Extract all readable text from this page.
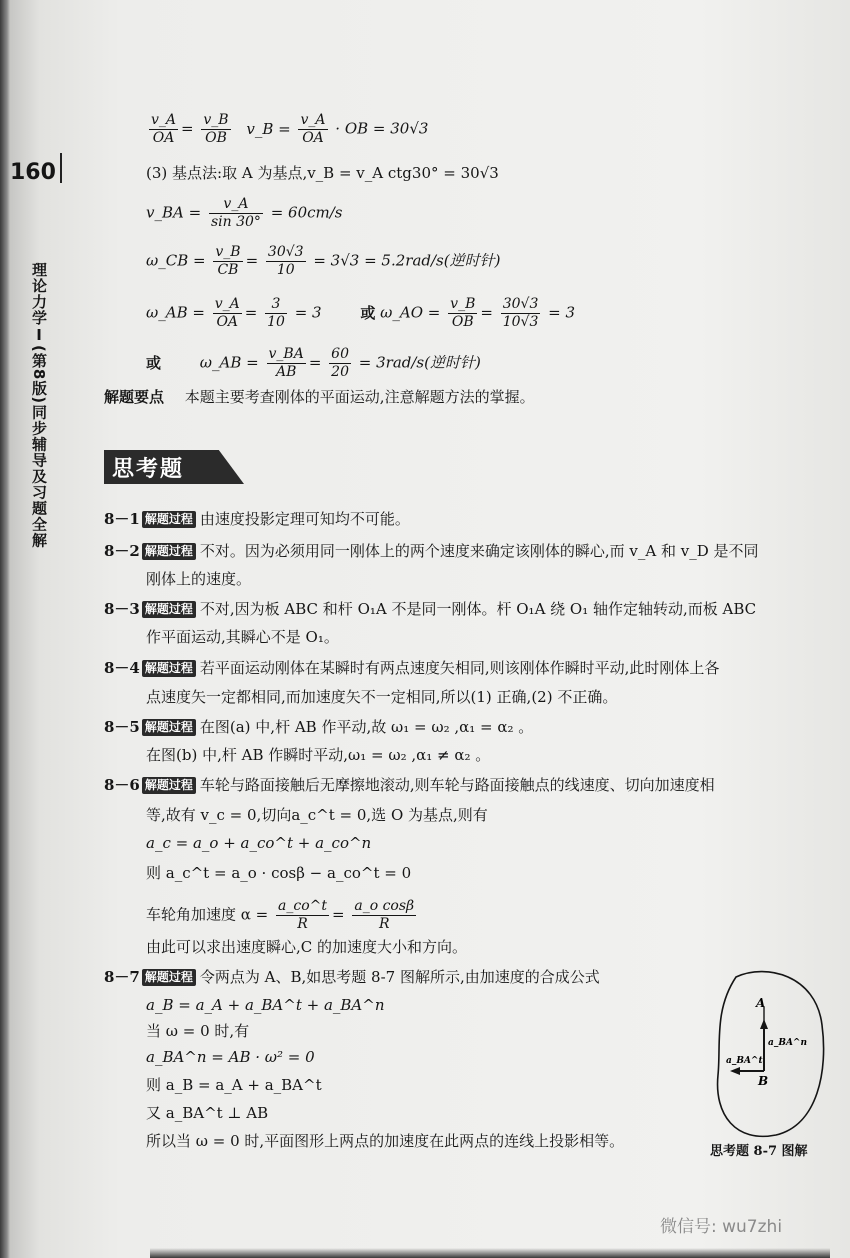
160
理论力学Ⅰ(第8版)同步辅导及习题全解
$\frac{v\_A}{OA} = \frac{v\_B}{OB}$ v_B = $\frac{v\_A}{OA}$ · OB = 30√3
(3) 基点法:取 A 为基点,v_B = v_A ctg30° = 30√3
v_BA = $\frac{v\_A}{\sin 30^\circ} = 60cm/s$
ω_CB = $\frac{v\_B}{CB} = \frac{30√3}{10} = 3√3 = 5.2rad/s$(逆时针)
ω_AB = $\frac{v\_A}{OA} = \frac{3}{10} = 3$	或 ω_AO = $\frac{v\_B}{OB} = \frac{30√3}{10√3} = 3$
或	ω_AB = $\frac{v\_BA}{AB} = \frac{60}{20} = 3rad/s$(逆时针)
解题要点 本题主要考查刚体的平面运动,注意解题方法的掌握。
思考题
8－1 解题过程 由速度投影定理可知均不可能。
8－2 解题过程 不对。因为必须用同一刚体上的两个速度来确定该刚体的瞬心,而 v_A 和 v_D 是不同
刚体上的速度。
8－3 解题过程 不对,因为板 ABC 和杆 O₁A 不是同一刚体。杆 O₁A 绕 O₁ 轴作定轴转动,而板 ABC
作平面运动,其瞬心不是 O₁。
8－4 解题过程 若平面运动刚体在某瞬时有两点速度矢相同,则该刚体作瞬时平动,此时刚体上各
点速度矢一定都相同,而加速度矢不一定相同,所以(1) 正确,(2) 不正确。
8－5 解题过程 在图(a) 中,杆 AB 作平动,故 ω₁ = ω₂ ,α₁ = α₂ 。
在图(b) 中,杆 AB 作瞬时平动,ω₁ = ω₂ ,α₁ ≠ α₂ 。
8－6 解题过程 车轮与路面接触后无摩擦地滚动,则车轮与路面接触点的线速度、切向加速度相
等,故有 v_c = 0,切向a_c^t = 0,选 O 为基点,则有
a_c = a_o + a_co^t + a_co^n
则 a_c^t = a_o · cosβ − a_co^t = 0
车轮角加速度 $\alpha = \frac{a\_co\^{}t}{R} = \frac{\text{a\_o cosβ}}{R}$
由此可以求出速度瞬心,C 的加速度大小和方向。
8－7 解题过程 令两点为 A、B,如思考题 8-7 图解所示,由加速度的合成公式
a_B = a_A + a_BA^t + a_BA^n
当 ω = 0 时,有
a_BA^n = AB · ω² = 0
则 a_B = a_A + a_BA^t
又 a_BA^t ⊥ AB
所以当 ω = 0 时,平面图形上两点的加速度在此两点的连线上投影相等。
A
B
a_BA^n
a_BA^t
思考题 8-7 图解
微信号: wu7zhi
